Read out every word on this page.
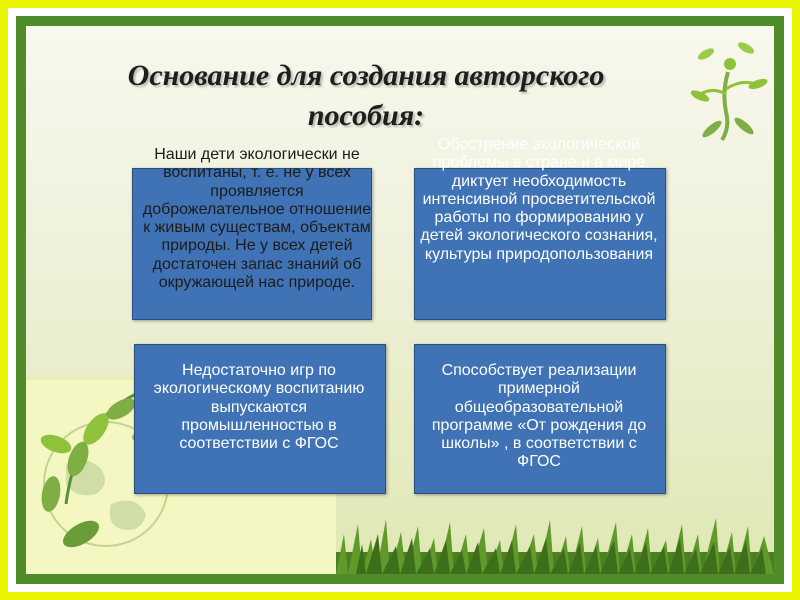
Основание для создания авторского пособия:
Наши дети экологически не воспитаны, т. е. не у всех проявляется доброжелательное отношение к живым существам, объектам природы. Не у всех детей достаточен запас знаний об окружающей нас природе.
Обострение экологической проблемы в стране и в мире диктует необходимость интенсивной просветительской работы по формированию у детей экологического сознания, культуры природопользования
Недостаточно игр по экологическому воспитанию выпускаются промышленностью в соответствии с ФГОС
Способствует реализации примерной общеобразовательной программе «От рождения до школы» , в соответствии с ФГОС
